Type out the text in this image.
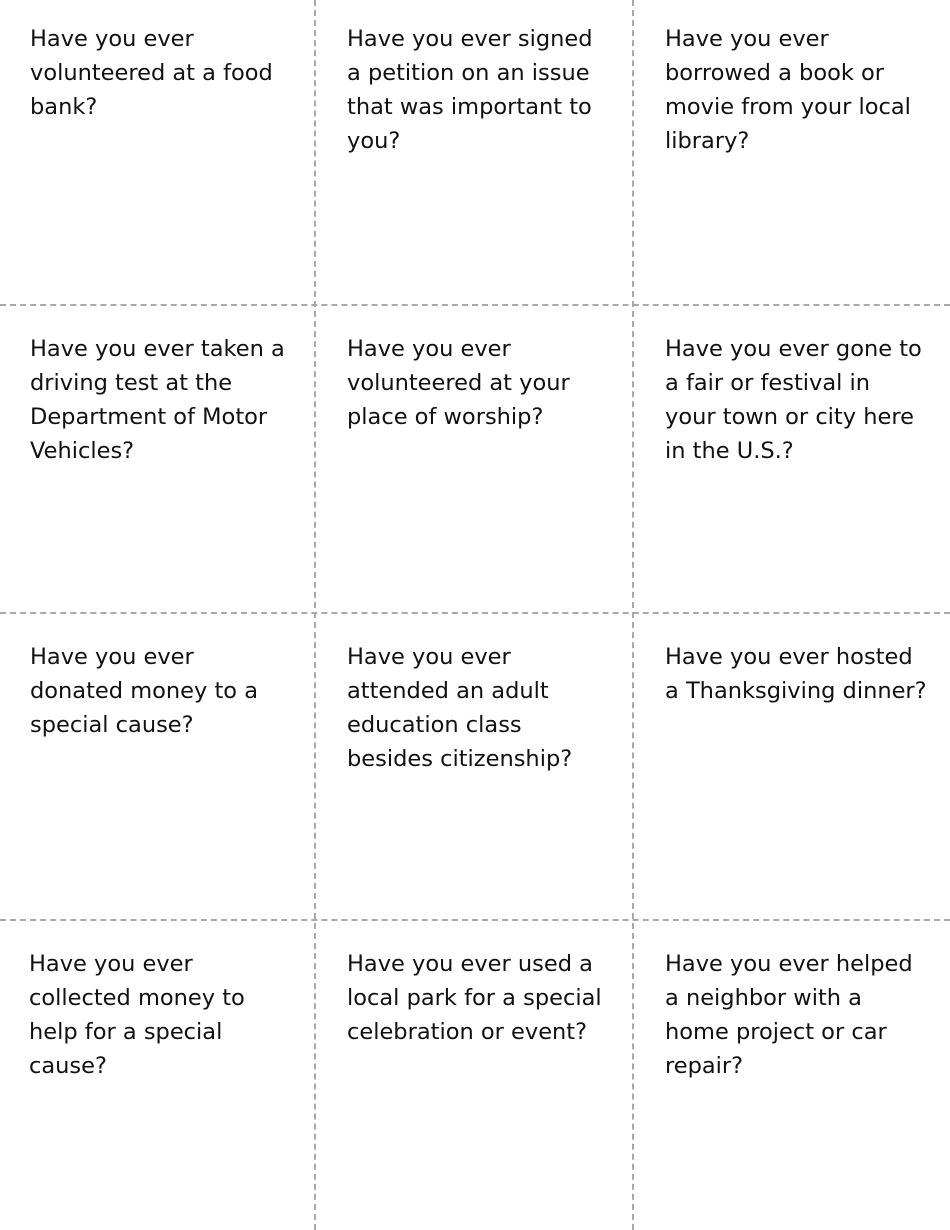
Have you ever volunteered at a food bank?

Have you ever signed a petition on an issue that was important to you?

Have you ever borrowed a book or movie from your local library?

Have you ever taken a driving test at the Department of Motor Vehicles?

Have you ever volunteered at your place of worship?

Have you ever gone to a fair or festival in your town or city here in the U.S.?

Have you ever donated money to a special cause?

Have you ever attended an adult education class besides citizenship?

Have you ever hosted a Thanksgiving dinner?

Have you ever collected money to help for a special cause?

Have you ever used a local park for a special celebration or event?

Have you ever helped a neighbor with a home project or car repair?
